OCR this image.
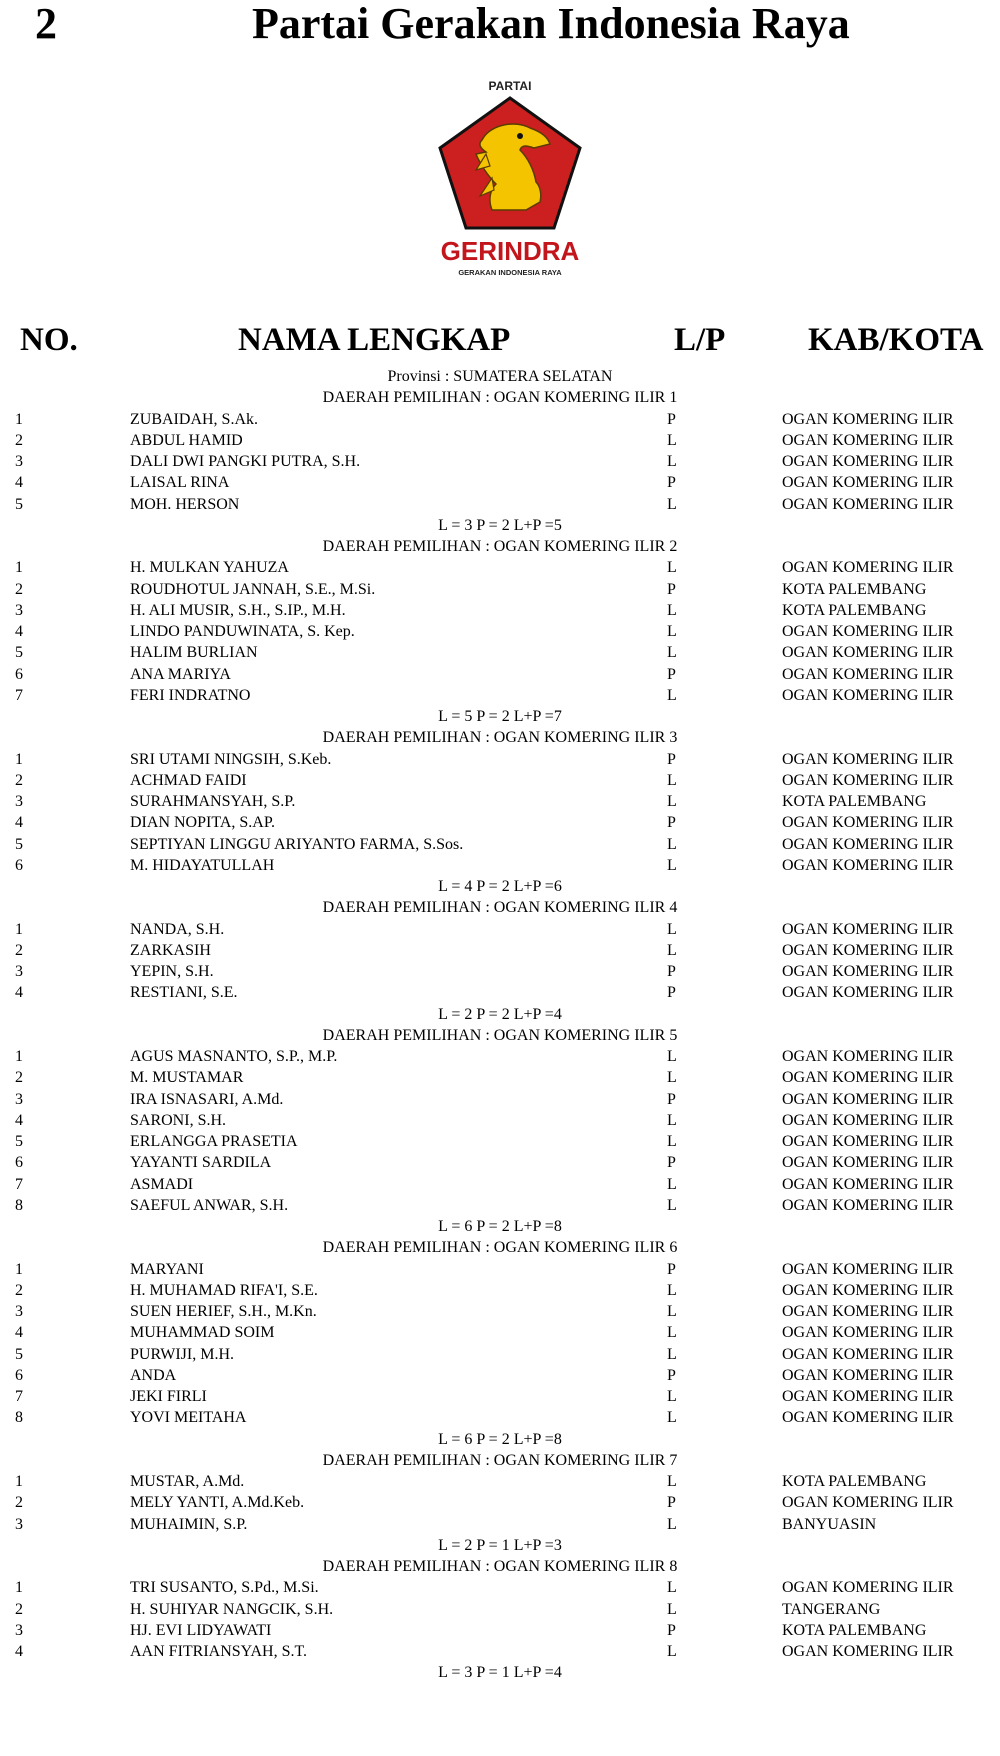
2	Partai Gerakan Indonesia Raya
PARTAI
GERINDRA
GERAKAN INDONESIA RAYA
NO.	NAMA LENGKAP	L/P	KAB/KOTA
Provinsi : SUMATERA SELATAN
DAERAH PEMILIHAN : OGAN KOMERING ILIR 1
1	ZUBAIDAH, S.Ak.	P	OGAN KOMERING ILIR
2	ABDUL HAMID	L	OGAN KOMERING ILIR
3	DALI DWI PANGKI PUTRA, S.H.	L	OGAN KOMERING ILIR
4	LAISAL RINA	P	OGAN KOMERING ILIR
5	MOH. HERSON	L	OGAN KOMERING ILIR
L = 3 P = 2 L+P =5
DAERAH PEMILIHAN : OGAN KOMERING ILIR 2
1	H. MULKAN YAHUZA	L	OGAN KOMERING ILIR
2	ROUDHOTUL JANNAH, S.E., M.Si.	P	KOTA PALEMBANG
3	H. ALI MUSIR, S.H., S.IP., M.H.	L	KOTA PALEMBANG
4	LINDO PANDUWINATA, S. Kep.	L	OGAN KOMERING ILIR
5	HALIM BURLIAN	L	OGAN KOMERING ILIR
6	ANA MARIYA	P	OGAN KOMERING ILIR
7	FERI INDRATNO	L	OGAN KOMERING ILIR
L = 5 P = 2 L+P =7
DAERAH PEMILIHAN : OGAN KOMERING ILIR 3
1	SRI UTAMI NINGSIH, S.Keb.	P	OGAN KOMERING ILIR
2	ACHMAD FAIDI	L	OGAN KOMERING ILIR
3	SURAHMANSYAH, S.P.	L	KOTA PALEMBANG
4	DIAN NOPITA, S.AP.	P	OGAN KOMERING ILIR
5	SEPTIYAN LINGGU ARIYANTO FARMA, S.Sos.	L	OGAN KOMERING ILIR
6	M. HIDAYATULLAH	L	OGAN KOMERING ILIR
L = 4 P = 2 L+P =6
DAERAH PEMILIHAN : OGAN KOMERING ILIR 4
1	NANDA, S.H.	L	OGAN KOMERING ILIR
2	ZARKASIH	L	OGAN KOMERING ILIR
3	YEPIN, S.H.	P	OGAN KOMERING ILIR
4	RESTIANI, S.E.	P	OGAN KOMERING ILIR
L = 2 P = 2 L+P =4
DAERAH PEMILIHAN : OGAN KOMERING ILIR 5
1	AGUS MASNANTO, S.P., M.P.	L	OGAN KOMERING ILIR
2	M. MUSTAMAR	L	OGAN KOMERING ILIR
3	IRA ISNASARI, A.Md.	P	OGAN KOMERING ILIR
4	SARONI, S.H.	L	OGAN KOMERING ILIR
5	ERLANGGA PRASETIA	L	OGAN KOMERING ILIR
6	YAYANTI SARDILA	P	OGAN KOMERING ILIR
7	ASMADI	L	OGAN KOMERING ILIR
8	SAEFUL ANWAR, S.H.	L	OGAN KOMERING ILIR
L = 6 P = 2 L+P =8
DAERAH PEMILIHAN : OGAN KOMERING ILIR 6
1	MARYANI	P	OGAN KOMERING ILIR
2	H. MUHAMAD RIFA'I, S.E.	L	OGAN KOMERING ILIR
3	SUEN HERIEF, S.H., M.Kn.	L	OGAN KOMERING ILIR
4	MUHAMMAD SOIM	L	OGAN KOMERING ILIR
5	PURWIJI, M.H.	L	OGAN KOMERING ILIR
6	ANDA	P	OGAN KOMERING ILIR
7	JEKI FIRLI	L	OGAN KOMERING ILIR
8	YOVI MEITAHA	L	OGAN KOMERING ILIR
L = 6 P = 2 L+P =8
DAERAH PEMILIHAN : OGAN KOMERING ILIR 7
1	MUSTAR, A.Md.	L	KOTA PALEMBANG
2	MELY YANTI, A.Md.Keb.	P	OGAN KOMERING ILIR
3	MUHAIMIN, S.P.	L	BANYUASIN
L = 2 P = 1 L+P =3
DAERAH PEMILIHAN : OGAN KOMERING ILIR 8
1	TRI SUSANTO, S.Pd., M.Si.	L	OGAN KOMERING ILIR
2	H. SUHIYAR NANGCIK, S.H.	L	TANGERANG
3	HJ. EVI LIDYAWATI	P	KOTA PALEMBANG
4	AAN FITRIANSYAH, S.T.	L	OGAN KOMERING ILIR
L = 3 P = 1 L+P =4
